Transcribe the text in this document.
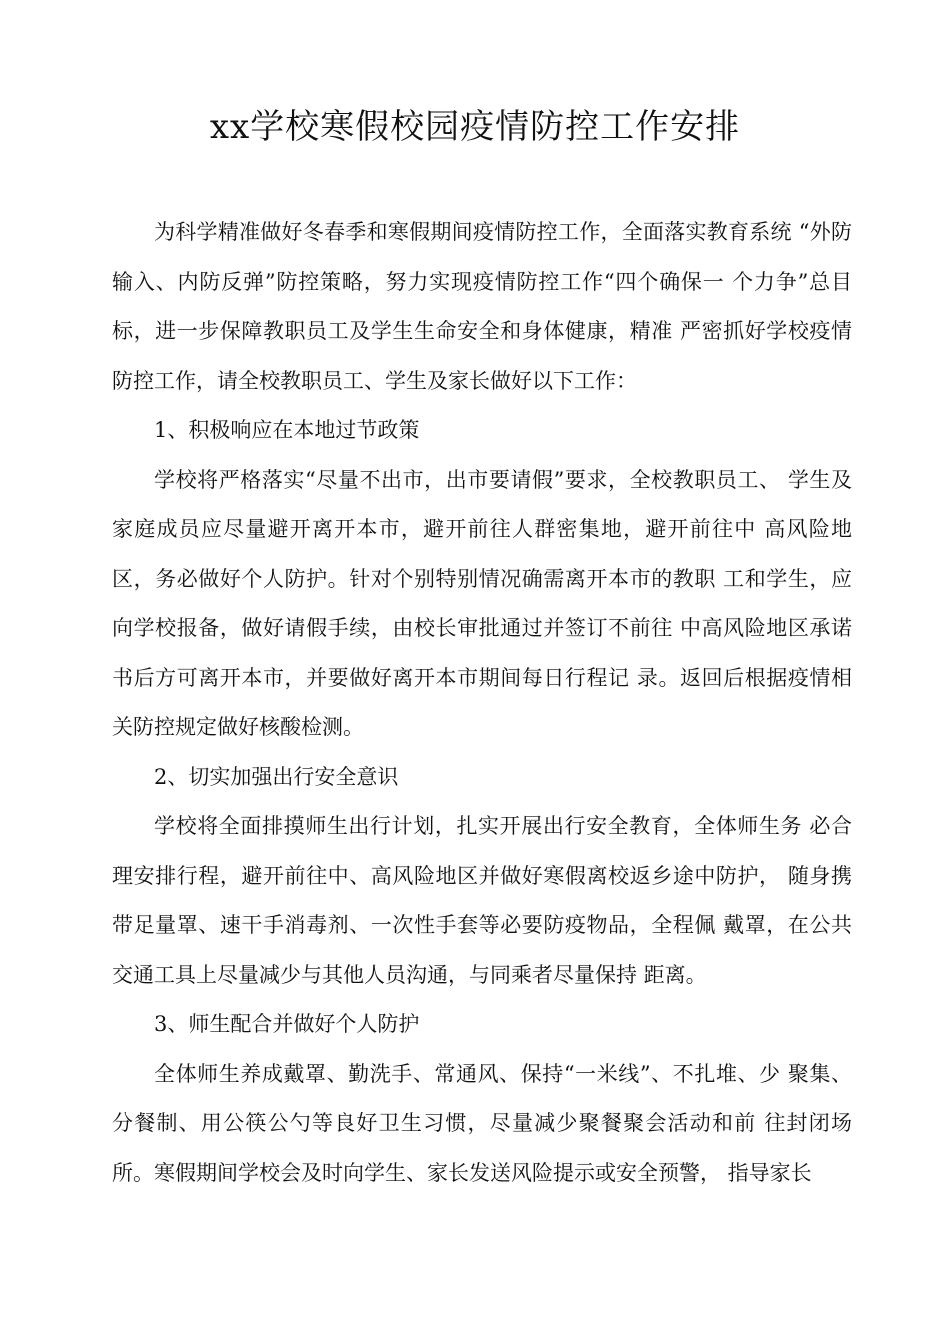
xx学校寒假校园疫情防控工作安排

为科学精准做好冬春季和寒假期间疫情防控工作，全面落实教育系统 “外防输入、内防反弹”防控策略，努力实现疫情防控工作“四个确保一 个力争”总目标，进一步保障教职员工及学生生命安全和身体健康，精准 严密抓好学校疫情防控工作，请全校教职员工、学生及家长做好以下工作：

1、积极响应在本地过节政策

学校将严格落实“尽量不出市，出市要请假”要求，全校教职员工、 学生及家庭成员应尽量避开离开本市，避开前往人群密集地，避开前往中 高风险地区，务必做好个人防护。针对个别特别情况确需离开本市的教职 工和学生，应向学校报备，做好请假手续，由校长审批通过并签订不前往 中高风险地区承诺书后方可离开本市，并要做好离开本市期间每日行程记 录。返回后根据疫情相关防控规定做好核酸检测。

2、切实加强出行安全意识

学校将全面排摸师生出行计划，扎实开展出行安全教育，全体师生务 必合理安排行程，避开前往中、高风险地区并做好寒假离校返乡途中防护， 随身携带足量罩、速干手消毒剂、一次性手套等必要防疫物品，全程佩 戴罩，在公共交通工具上尽量减少与其他人员沟通，与同乘者尽量保持 距离。

3、师生配合并做好个人防护

全体师生养成戴罩、勤洗手、常通风、保持“一米线”、不扎堆、少 聚集、分餐制、用公筷公勺等良好卫生习惯，尽量减少聚餐聚会活动和前 往封闭场所。寒假期间学校会及时向学生、家长发送风险提示或安全预警， 指导家长
